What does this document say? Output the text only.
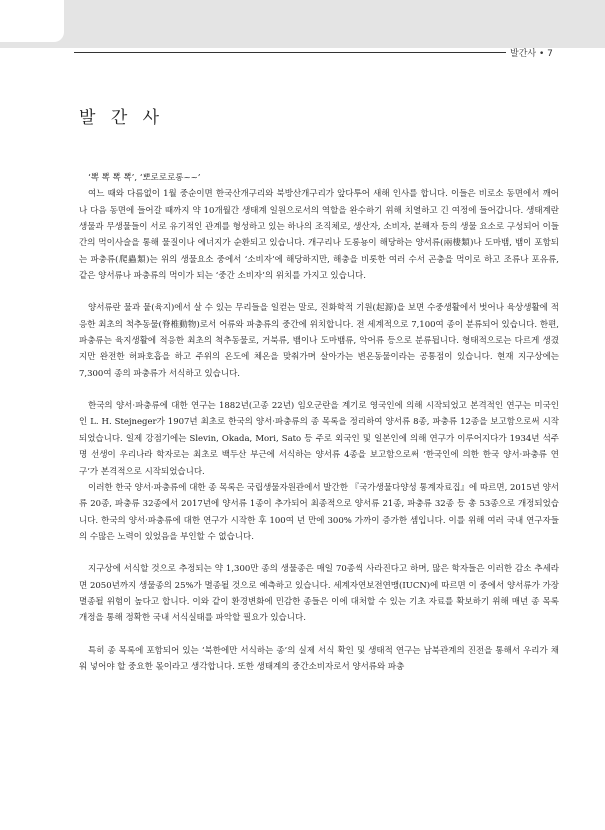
발간사 • 7
발 간 사

‘뽁 뽁 뽁 뽁’, ‘뽀로로로롱~~’

여느 때와 다름없이 1월 중순이면 한국산개구리와 북방산개구리가 앞다투어 새해 인사를 합니다. 이들은 비로소 동면에서 깨어나 다음 동면에 들어갈 때까지 약 10개월간 생태계 일원으로서의 역할을 완수하기 위해 치열하고 긴 여정에 들어갑니다. 생태계란 생물과 무생물들이 서로 유기적인 관계를 형성하고 있는 하나의 조직체로, 생산자, 소비자, 분해자 등의 생물 요소로 구성되어 이들 간의 먹이사슬을 통해 물질이나 에너지가 순환되고 있습니다. 개구리나 도롱뇽이 해당하는 양서류(兩棲類)나 도마뱀, 뱀이 포함되는 파충류(爬蟲類)는 위의 생물요소 중에서 ‘소비자’에 해당하지만, 해충을 비롯한 여러 수서 곤충을 먹이로 하고 조류나 포유류, 같은 양서류나 파충류의 먹이가 되는 ‘중간 소비자’의 위치를 가지고 있습니다.

양서류란 물과 뭍(육지)에서 살 수 있는 무리들을 일컫는 말로, 진화학적 기원(起源)을 보면 수중생활에서 벗어나 육상생활에 적응한 최초의 척추동물(脊椎動物)로서 어류와 파충류의 중간에 위치합니다. 전 세계적으로 7,100여 종이 분류되어 있습니다. 한편, 파충류는 육지생활에 적응한 최초의 척추동물로, 거북류, 뱀이나 도마뱀류, 악어류 등으로 분류됩니다. 형태적으로는 다르게 생겼지만 완전한 허파호흡을 하고 주위의 온도에 체온을 맞춰가며 살아가는 변온동물이라는 공통점이 있습니다. 현재 지구상에는 7,300여 종의 파충류가 서식하고 있습니다.

한국의 양서·파충류에 대한 연구는 1882년(고종 22년) 임오군란을 계기로 영국인에 의해 시작되었고 본격적인 연구는 미국인인 L. H. Stejneger가 1907년 최초로 한국의 양서·파충류의 종 목록을 정리하여 양서류 8종, 파충류 12종을 보고함으로써 시작되었습니다. 일제 강점기에는 Slevin, Okada, Mori, Sato 등 주로 외국인 및 일본인에 의해 연구가 이루어지다가 1934년 석주명 선생이 우리나라 학자로는 최초로 백두산 부근에 서식하는 양서류 4종을 보고함으로써 ‘한국인에 의한 한국 양서·파충류 연구’가 본격적으로 시작되었습니다.

이러한 한국 양서·파충류에 대한 종 목록은 국립생물자원관에서 발간한 『국가생물다양성 통계자료집』에 따르면, 2015년 양서류 20종, 파충류 32종에서 2017년에 양서류 1종이 추가되어 최종적으로 양서류 21종, 파충류 32종 등 총 53종으로 개정되었습니다. 한국의 양서·파충류에 대한 연구가 시작한 후 100여 년 만에 300% 가까이 증가한 셈입니다. 이를 위해 여러 국내 연구자들의 수많은 노력이 있었음을 부인할 수 없습니다.

지구상에 서식할 것으로 추정되는 약 1,300만 종의 생물종은 매일 70종씩 사라진다고 하며, 많은 학자들은 이러한 감소 추세라면 2050년까지 생물종의 25%가 멸종될 것으로 예측하고 있습니다. 세계자연보전연맹(IUCN)에 따르면 이 중에서 양서류가 가장 멸종될 위험이 높다고 합니다. 이와 같이 환경변화에 민감한 종들은 이에 대처할 수 있는 기초 자료를 확보하기 위해 매년 종 목록 개정을 통해 정확한 국내 서식실태를 파악할 필요가 있습니다.

특히 종 목록에 포함되어 있는 ‘북한에만 서식하는 종’의 실제 서식 확인 및 생태적 연구는 남북관계의 진전을 통해서 우리가 채워 넣어야 할 중요한 몫이라고 생각합니다. 또한 생태계의 중간소비자로서 양서류와 파충
